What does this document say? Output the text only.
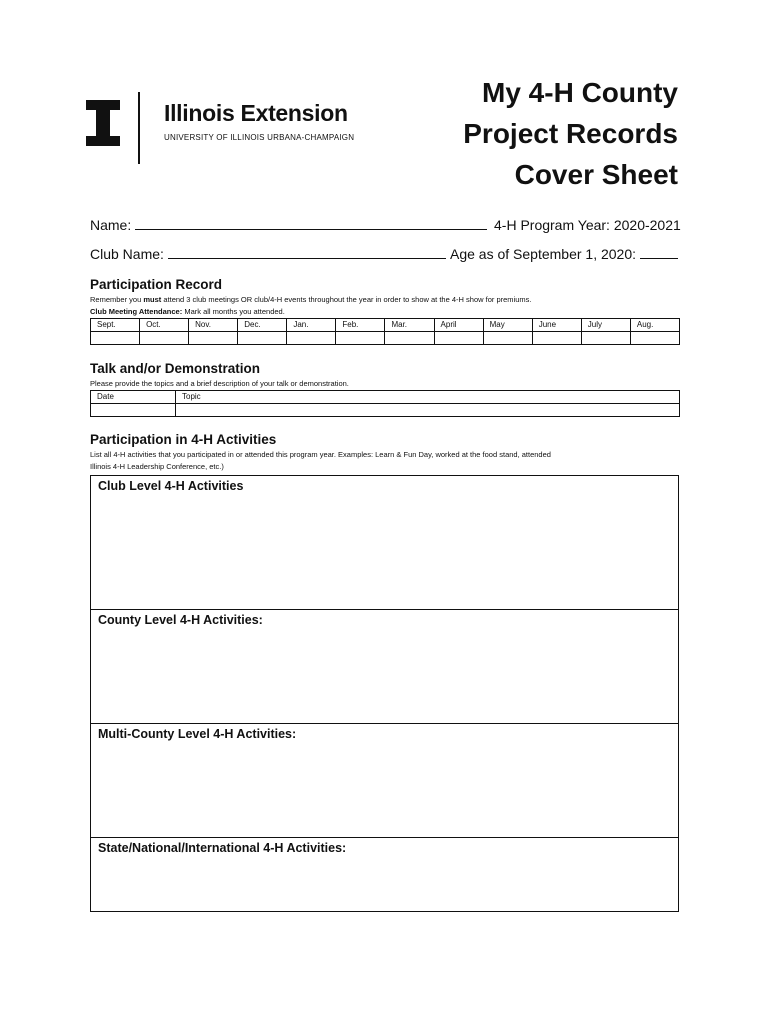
Illinois Extension
UNIVERSITY OF ILLINOIS URBANA-CHAMPAIGN
My 4-H County
Project Records
Cover Sheet
Name:	4-H Program Year: 2020-2021
Club Name:	Age as of September 1, 2020:
Participation Record
Remember you must attend 3 club meetings OR club/4-H events throughout the year in order to show at the 4-H show for premiums.
Club Meeting Attendance: Mark all months you attended.
Sept.	Oct.	Nov.	Dec.	Jan.	Feb.	Mar.	April	May	June	July	Aug.

Talk and/or Demonstration
Please provide the topics and a brief description of your talk or demonstration.
Date	Topic

Participation in 4-H Activities
List all 4-H activities that you participated in or attended this program year. Examples: Learn & Fun Day, worked at the food stand, attended
Illinois 4-H Leadership Conference, etc.)
Club Level 4-H Activities
County Level 4-H Activities:
Multi-County Level 4-H Activities:
State/National/International 4-H Activities:
